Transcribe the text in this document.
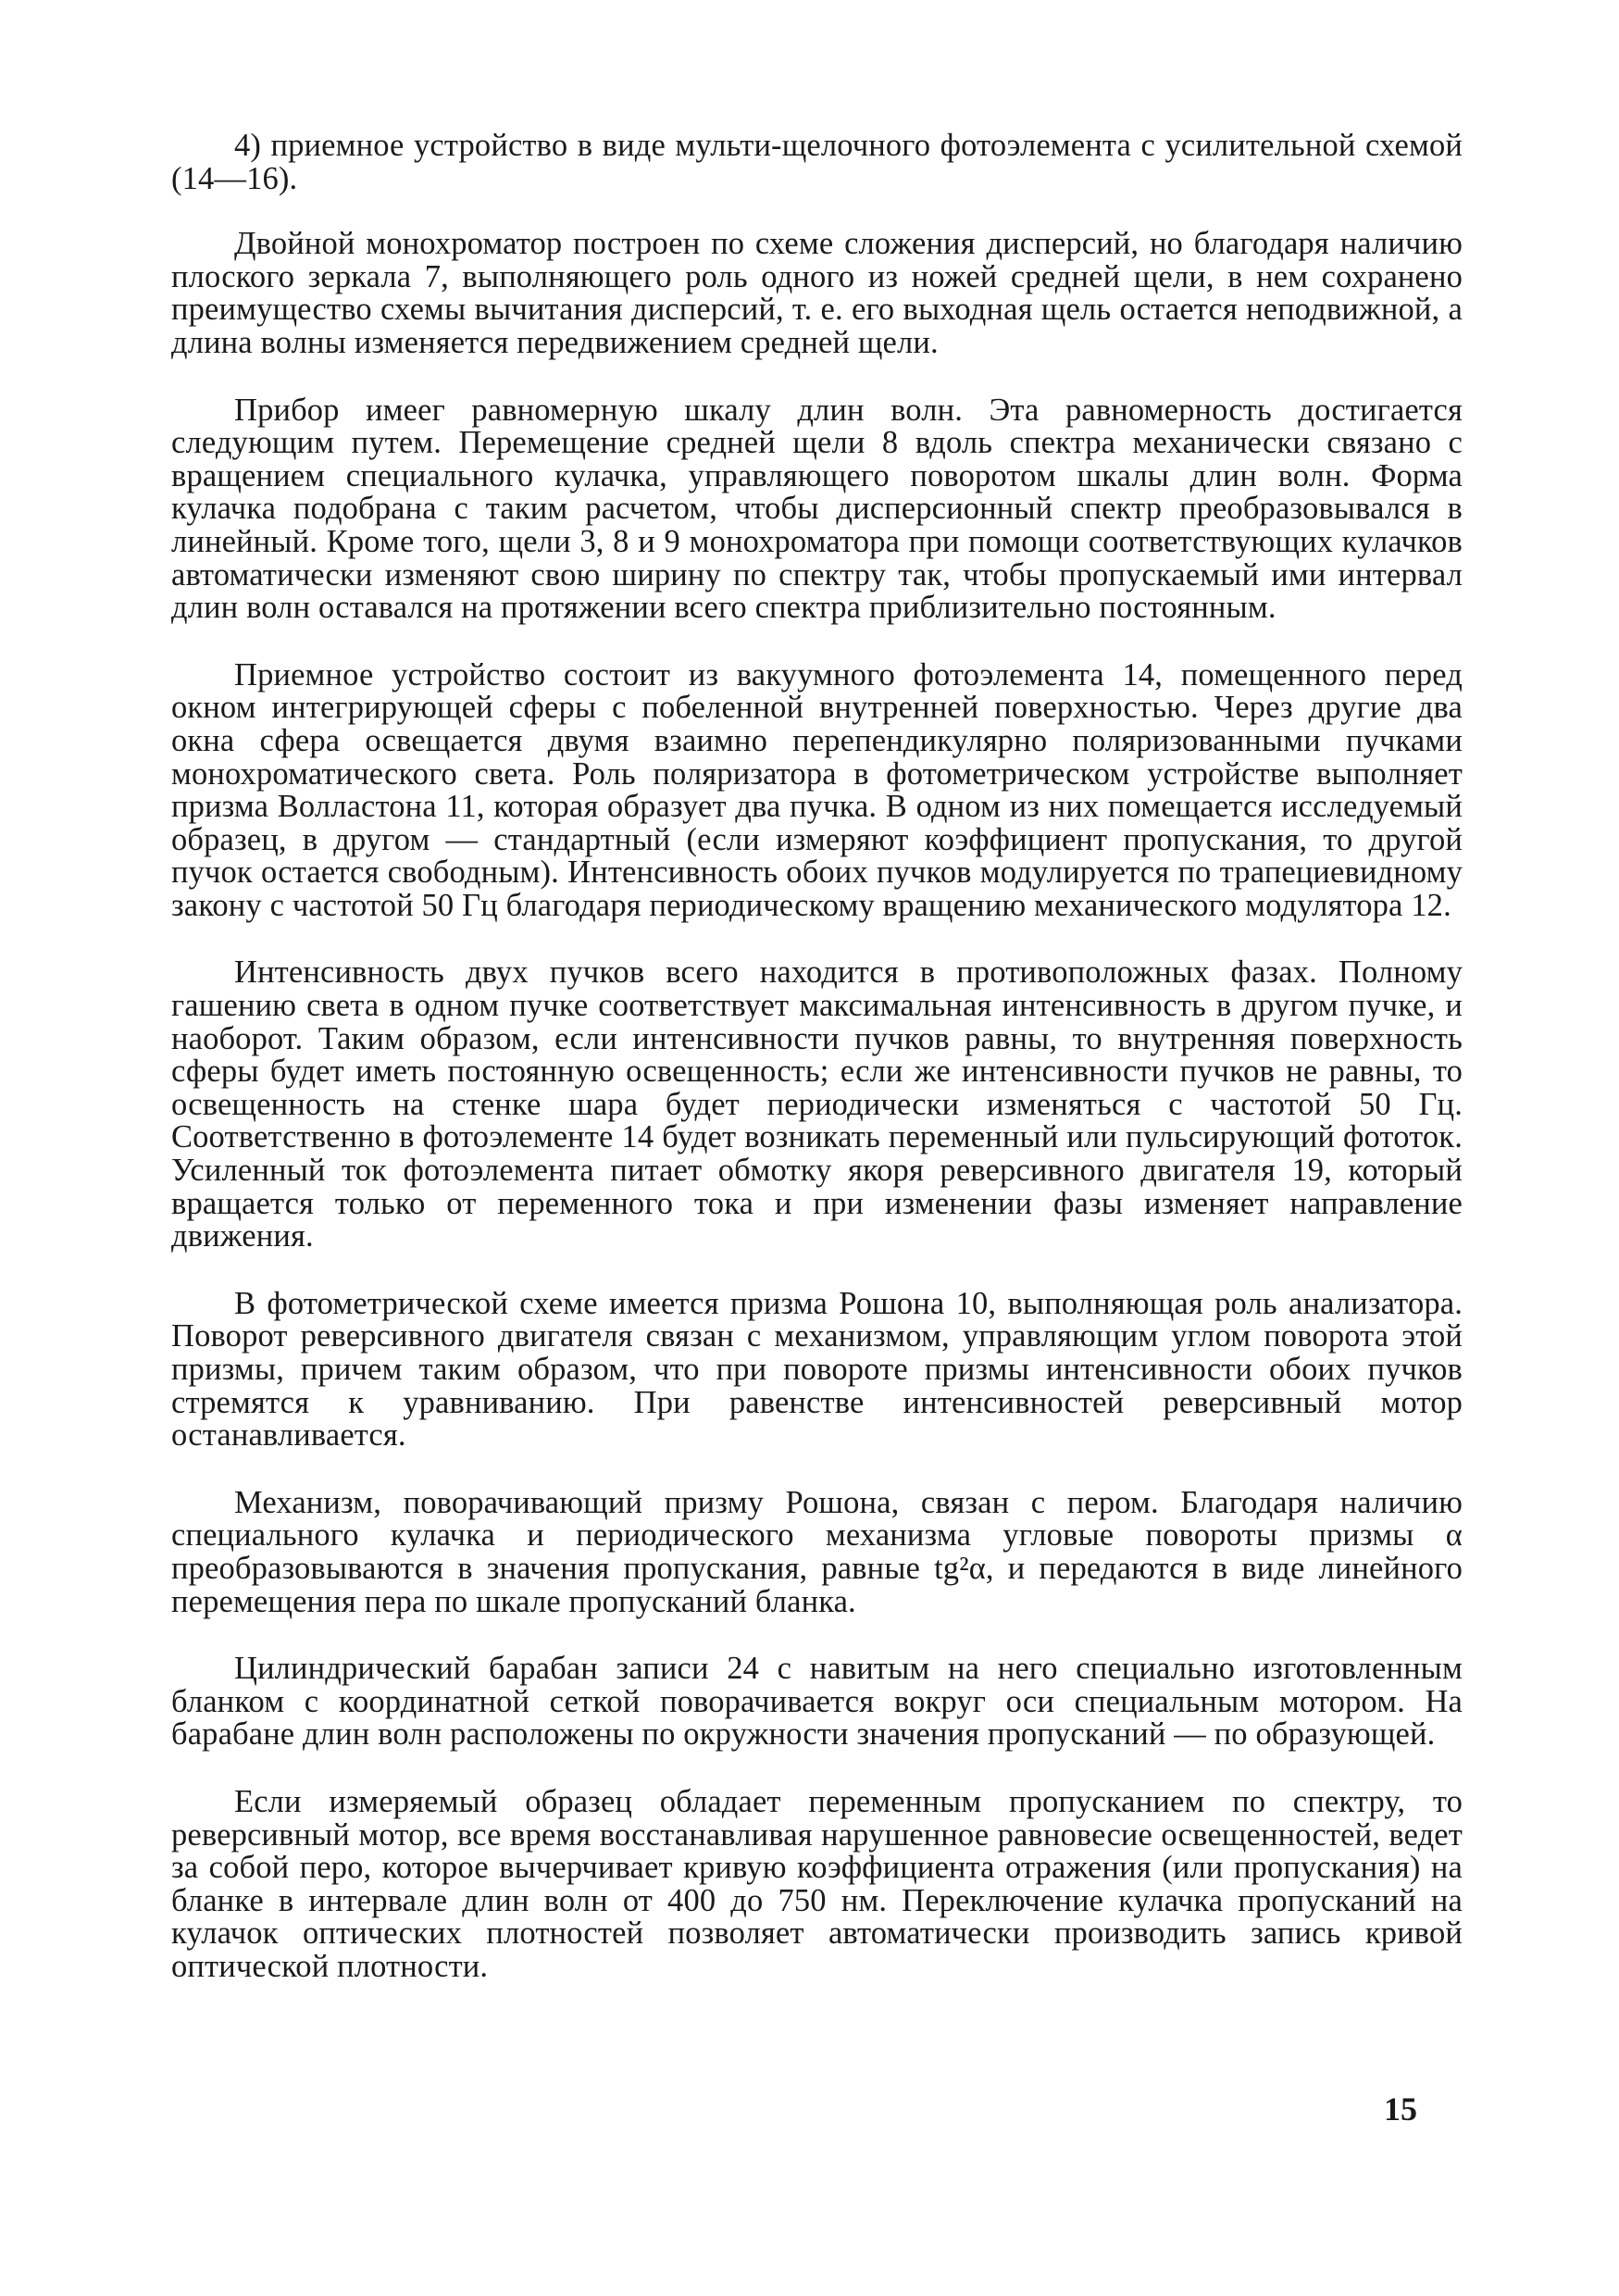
4) приемное устройство в виде мульти-щелочного фотоэлемента с усилительной схемой (14—16).

Двойной монохроматор построен по схеме сложения дисперсий, но благодаря наличию плоского зеркала 7, выполняющего роль одного из ножей средней щели, в нем сохранено преимущество схемы вычитания дисперсий, т. е. его выходная щель остается неподвижной, а длина волны изменяется передвижением средней щели.

Прибор имеег равномерную шкалу длин волн. Эта равномерность достигается следующим путем. Перемещение средней щели 8 вдоль спектра механически связано с вращением специального кулачка, управляющего поворотом шкалы длин волн. Форма кулачка подобрана с таким расчетом, чтобы дисперсионный спектр преобразовывался в линейный. Кроме того, щели 3, 8 и 9 монохроматора при помощи соответствующих кулачков автоматически изменяют свою ширину по спектру так, чтобы пропускаемый ими интервал длин волн оставался на протяжении всего спектра приблизительно постоянным.

Приемное устройство состоит из вакуумного фотоэлемента 14, помещенного перед окном интегрирующей сферы с побеленной внутренней поверхностью. Через другие два окна сфера освещается двумя взаимно перепендикулярно поляризованными пучками монохроматического света. Роль поляризатора в фотометрическом устройстве выполняет призма Волластона 11, которая образует два пучка. В одном из них помещается исследуемый образец, в другом — стандартный (если измеряют коэффициент пропускания, то другой пучок остается свободным). Интенсивность обоих пучков модулируется по трапециевидному закону с частотой 50 Гц благодаря периодическому вращению механического модулятора 12.

Интенсивность двух пучков всего находится в противоположных фазах. Полному гашению света в одном пучке соответствует максимальная интенсивность в другом пучке, и наоборот. Таким образом, если интенсивности пучков равны, то внутренняя поверхность сферы будет иметь постоянную освещенность; если же интенсивности пучков не равны, то освещенность на стенке шара будет периодически изменяться с частотой 50 Гц. Соответственно в фотоэлементе 14 будет возникать переменный или пульсирующий фототок. Усиленный ток фотоэлемента питает обмотку якоря реверсивного двигателя 19, который вращается только от переменного тока и при изменении фазы изменяет направление движения.

В фотометрической схеме имеется призма Рошона 10, выполняющая роль анализатора. Поворот реверсивного двигателя связан с механизмом, управляющим углом поворота этой призмы, причем таким образом, что при повороте призмы интенсивности обоих пучков стремятся к уравниванию. При равенстве интенсивностей реверсивный мотор останавливается.

Механизм, поворачивающий призму Рошона, связан с пером. Благодаря наличию специального кулачка и периодического механизма угловые повороты призмы α преобразовываются в значения пропускания, равные tg²α, и передаются в виде линейного перемещения пера по шкале пропусканий бланка.

Цилиндрический барабан записи 24 с навитым на него специально изготовленным бланком с координатной сеткой поворачивается вокруг оси специальным мотором. На барабане длин волн расположены по окружности значения пропусканий — по образующей.

Если измеряемый образец обладает переменным пропусканием по спектру, то реверсивный мотор, все время восстанавливая нарушенное равновесие освещенностей, ведет за собой перо, которое вычерчивает кривую коэффициента отражения (или пропускания) на бланке в интервале длин волн от 400 до 750 нм. Переключение кулачка пропусканий на кулачок оптических плотностей позволяет автоматически производить запись кривой оптической плотности.

15
